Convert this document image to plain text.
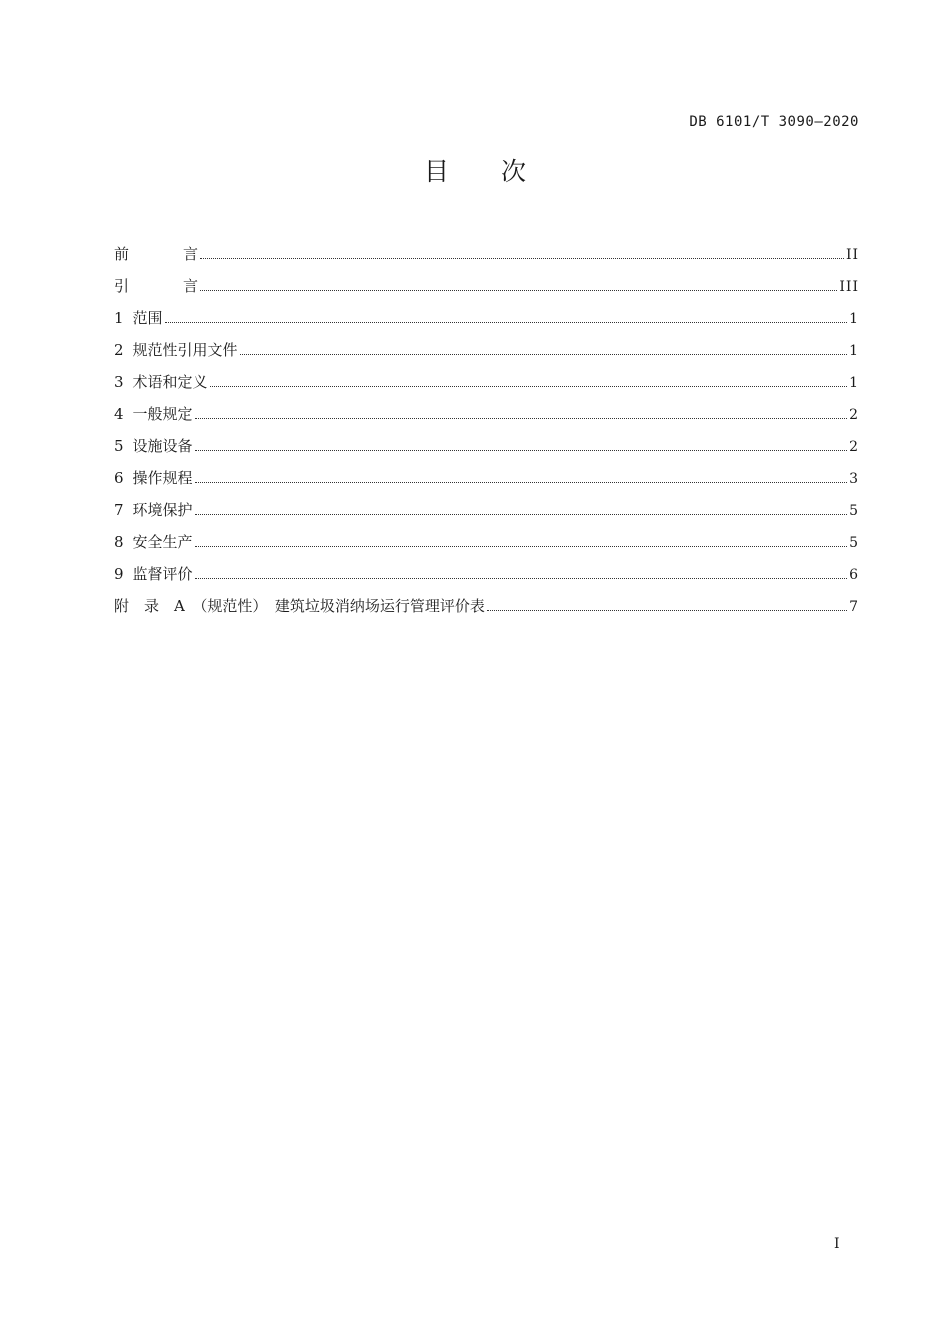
DB 6101/T 3090—2020
目 次
前	言	II
引	言	III
1 范围	1
2 规范性引用文件	1
3 术语和定义	1
4 一般规定	2
5 设施设备	2
6 操作规程	3
7 环境保护	5
8 安全生产	5
9 监督评价	6
附　录　A　（规范性）　建筑垃圾消纳场运行管理评价表	7
I
